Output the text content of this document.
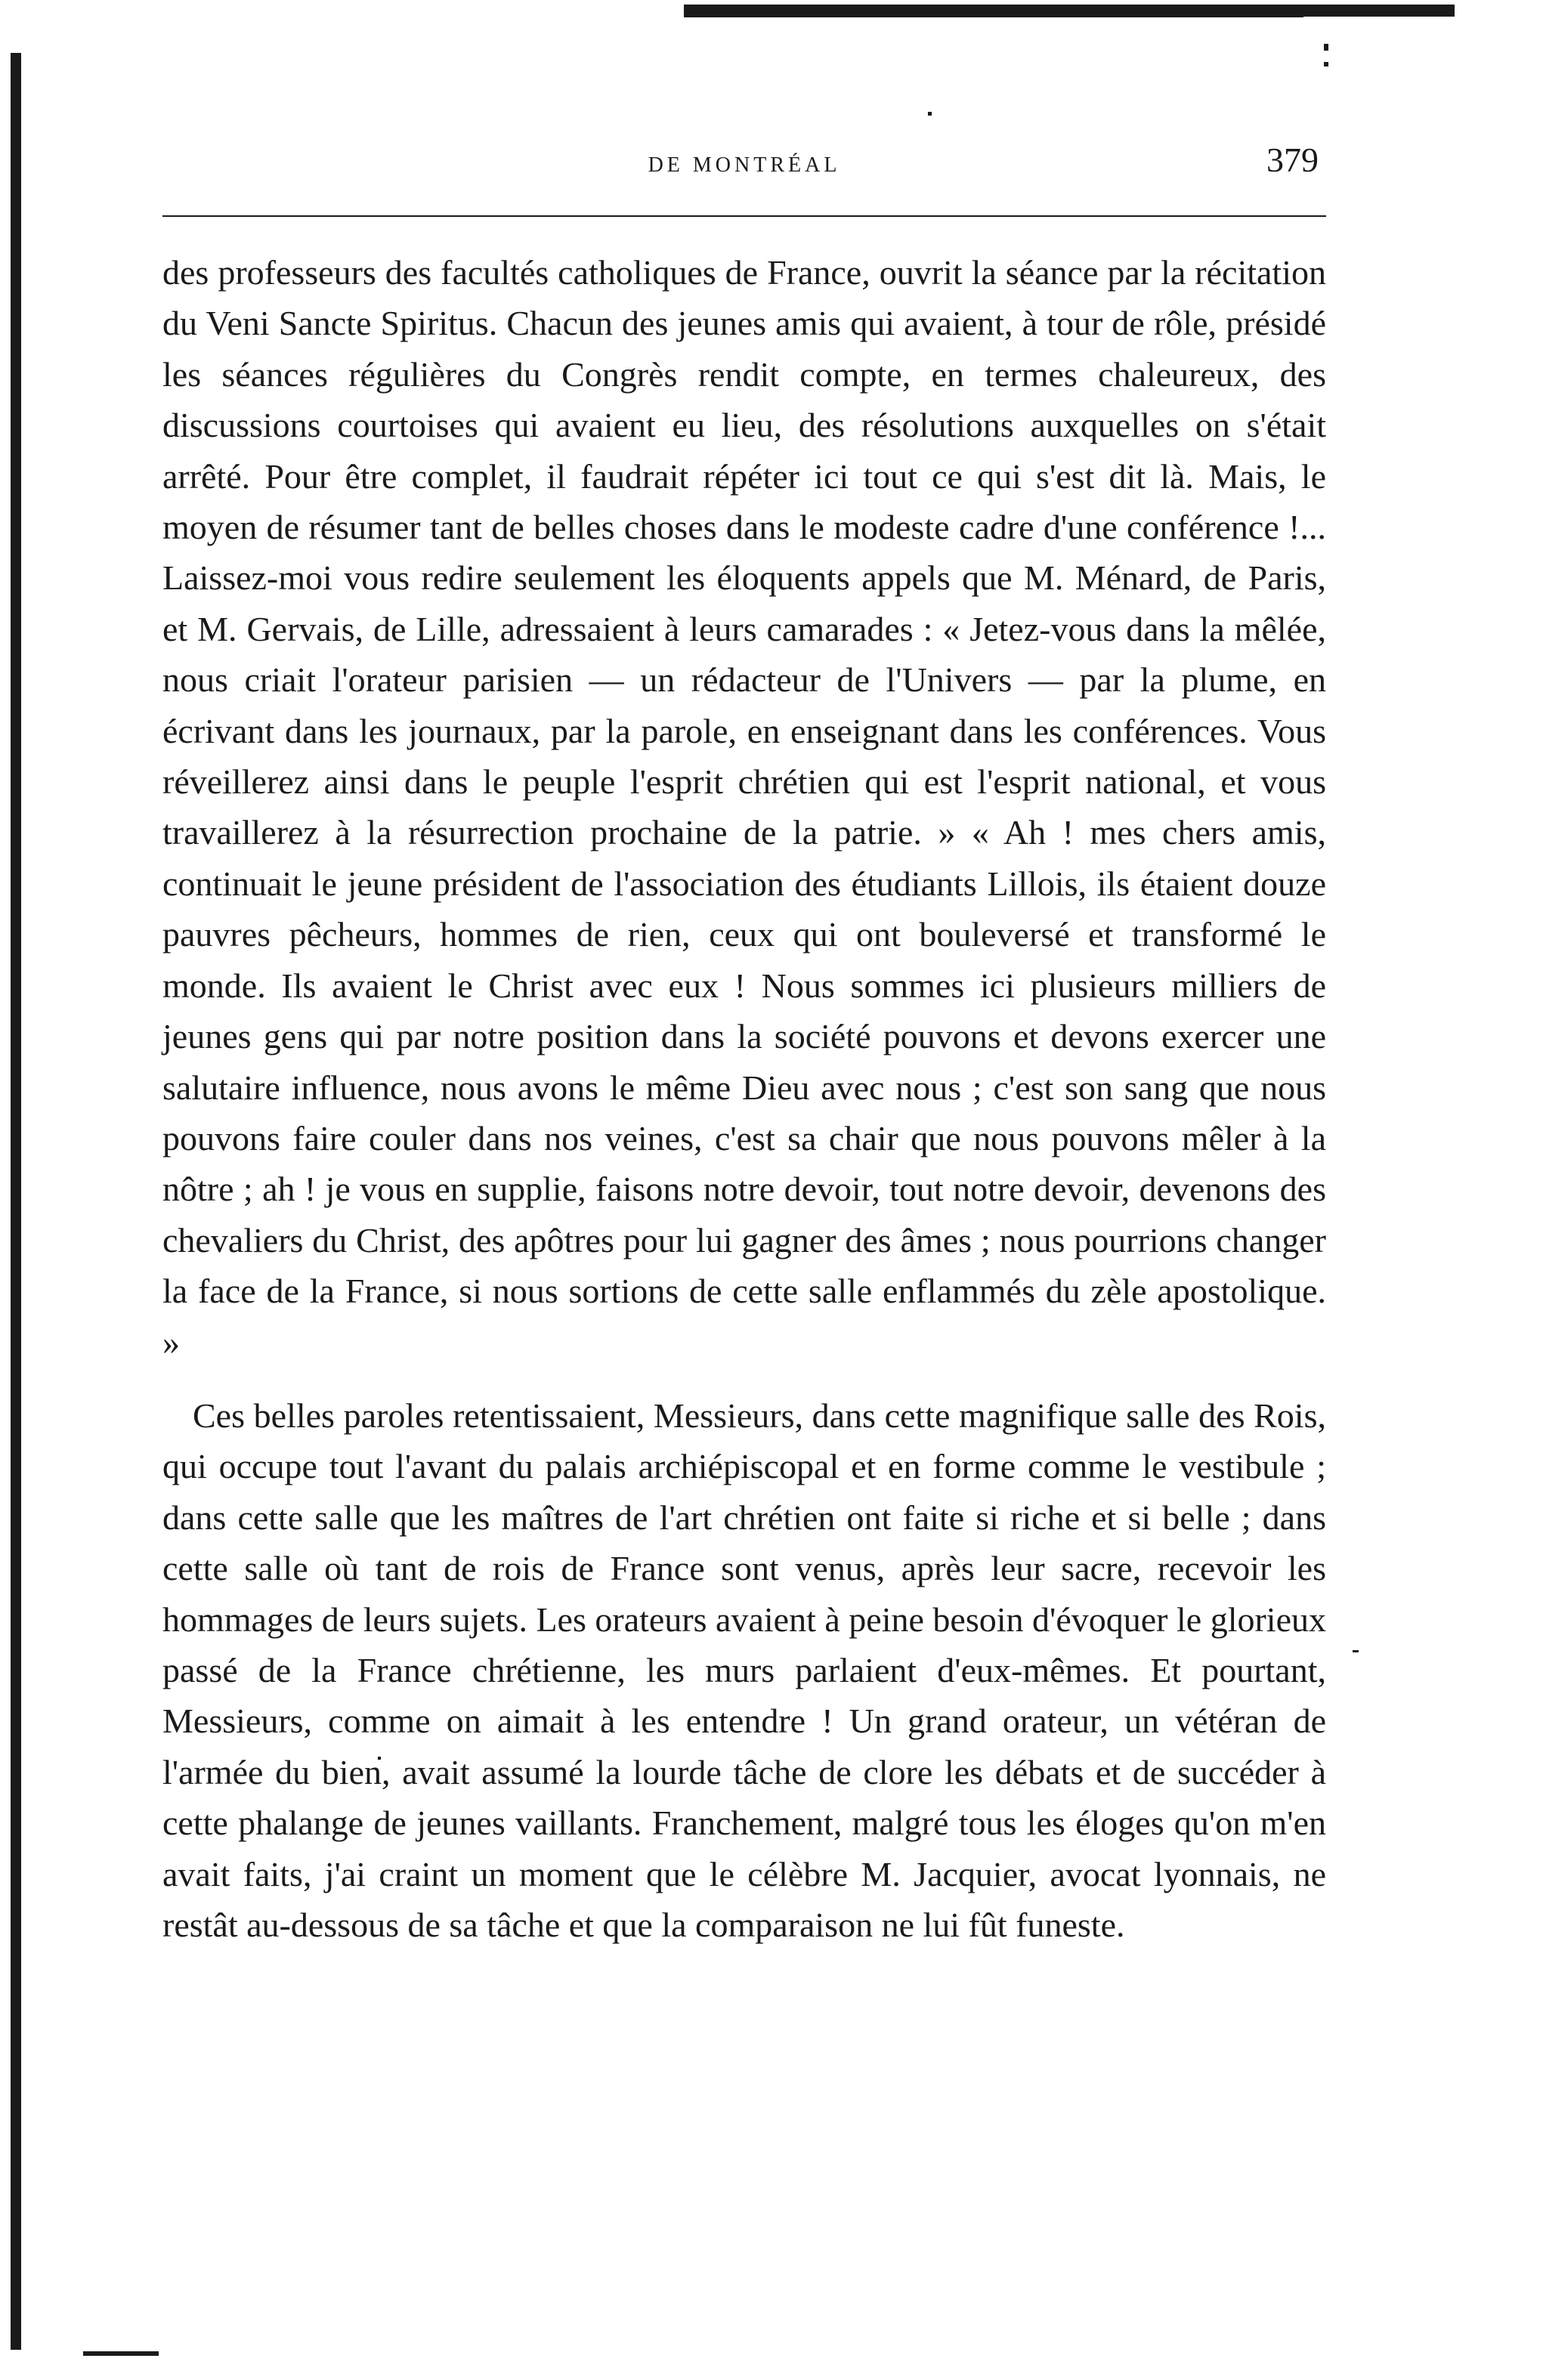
DE MONTRÉAL	379

des professeurs des facultés catholiques de France, ouvrit la séance par la récitation du Veni Sancte Spiritus. Chacun des jeunes amis qui avaient, à tour de rôle, présidé les séances régulières du Congrès rendit compte, en termes chaleureux, des discussions courtoises qui avaient eu lieu, des résolutions auxquelles on s'était arrêté. Pour être complet, il faudrait répéter ici tout ce qui s'est dit là. Mais, le moyen de résumer tant de belles choses dans le modeste cadre d'une conférence !... Laissez-moi vous redire seulement les éloquents appels que M. Ménard, de Paris, et M. Gervais, de Lille, adressaient à leurs camarades : « Jetez-vous dans la mêlée, nous criait l'orateur parisien — un rédacteur de l'Univers — par la plume, en écrivant dans les journaux, par la parole, en enseignant dans les conférences. Vous réveillerez ainsi dans le peuple l'esprit chrétien qui est l'esprit national, et vous travaillerez à la résurrection prochaine de la patrie. » « Ah ! mes chers amis, continuait le jeune président de l'association des étudiants Lillois, ils étaient douze pauvres pêcheurs, hommes de rien, ceux qui ont bouleversé et transformé le monde. Ils avaient le Christ avec eux ! Nous sommes ici plusieurs milliers de jeunes gens qui par notre position dans la société pouvons et devons exercer une salutaire influence, nous avons le même Dieu avec nous ; c'est son sang que nous pouvons faire couler dans nos veines, c'est sa chair que nous pouvons mêler à la nôtre ; ah ! je vous en supplie, faisons notre devoir, tout notre devoir, devenons des chevaliers du Christ, des apôtres pour lui gagner des âmes ; nous pourrions changer la face de la France, si nous sortions de cette salle enflammés du zèle apostolique. »

Ces belles paroles retentissaient, Messieurs, dans cette magnifique salle des Rois, qui occupe tout l'avant du palais archiépiscopal et en forme comme le vestibule ; dans cette salle que les maîtres de l'art chrétien ont faite si riche et si belle ; dans cette salle où tant de rois de France sont venus, après leur sacre, recevoir les hommages de leurs sujets. Les orateurs avaient à peine besoin d'évoquer le glorieux passé de la France chrétienne, les murs parlaient d'eux-mêmes. Et pourtant, Messieurs, comme on aimait à les entendre ! Un grand orateur, un vétéran de l'armée du bien, avait assumé la lourde tâche de clore les débats et de succéder à cette phalange de jeunes vaillants. Franchement, malgré tous les éloges qu'on m'en avait faits, j'ai craint un moment que le célèbre M. Jacquier, avocat lyonnais, ne restât au-dessous de sa tâche et que la comparaison ne lui fût funeste.
